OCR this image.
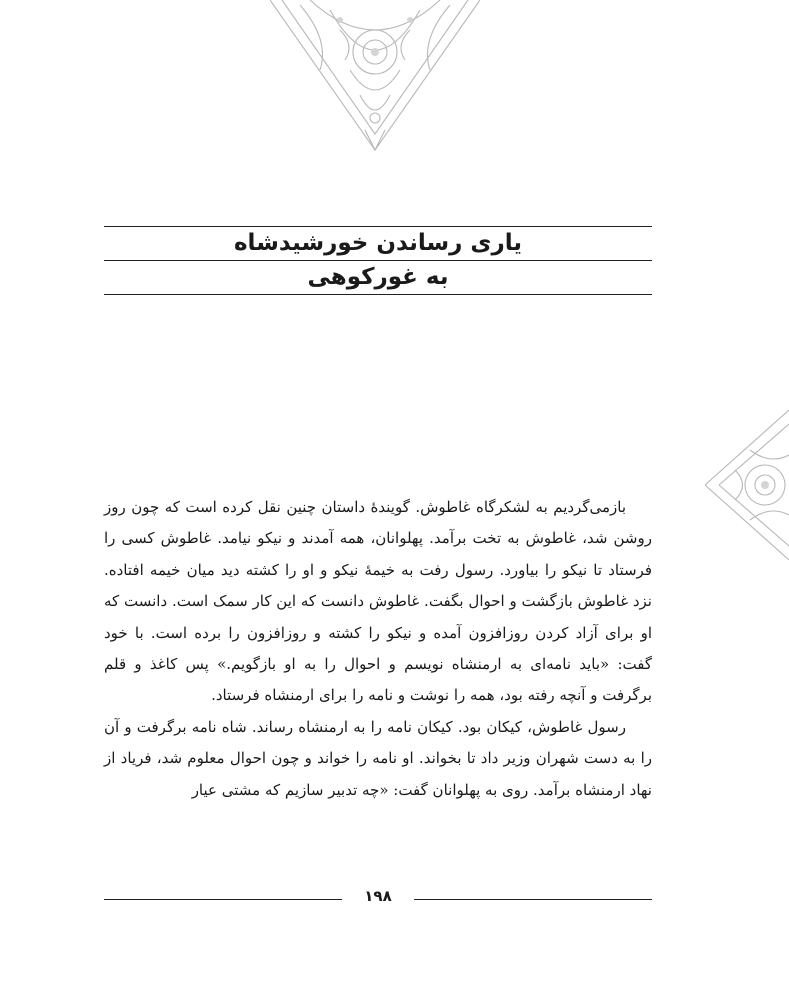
یاری رساندن خورشیدشاه
به غورکوهی

بازمی‌گردیم به لشکرگاه غاطوش. گویندهٔ داستان چنین نقل کرده است که چون روز روشن شد، غاطوش به تخت برآمد. پهلوانان، همه آمدند و نیکو نیامد. غاطوش کسی را فرستاد تا نیکو را بیاورد. رسول رفت به خیمهٔ نیکو و او را کشته دید میان خیمه افتاده. نزد غاطوش بازگشت و احوال بگفت. غاطوش دانست که این کار سمک است. دانست که او برای آزاد کردن روزافزون آمده و نیکو را کشته و روزافزون را برده است. با خود گفت: «باید نامه‌ای به ارمنشاه نویسم و احوال را به او بازگویم.» پس کاغذ و قلم برگرفت و آنچه رفته بود، همه را نوشت و نامه را برای ارمنشاه فرستاد.

رسول غاطوش، کیکان بود. کیکان نامه را به ارمنشاه رساند. شاه نامه برگرفت و آن را به دست شهران وزیر داد تا بخواند. او نامه را خواند و چون احوال معلوم شد، فریاد از نهاد ارمنشاه برآمد. روی به پهلوانان گفت: «چه تدبیر سازیم که مشتی عیار

۱۹۸
